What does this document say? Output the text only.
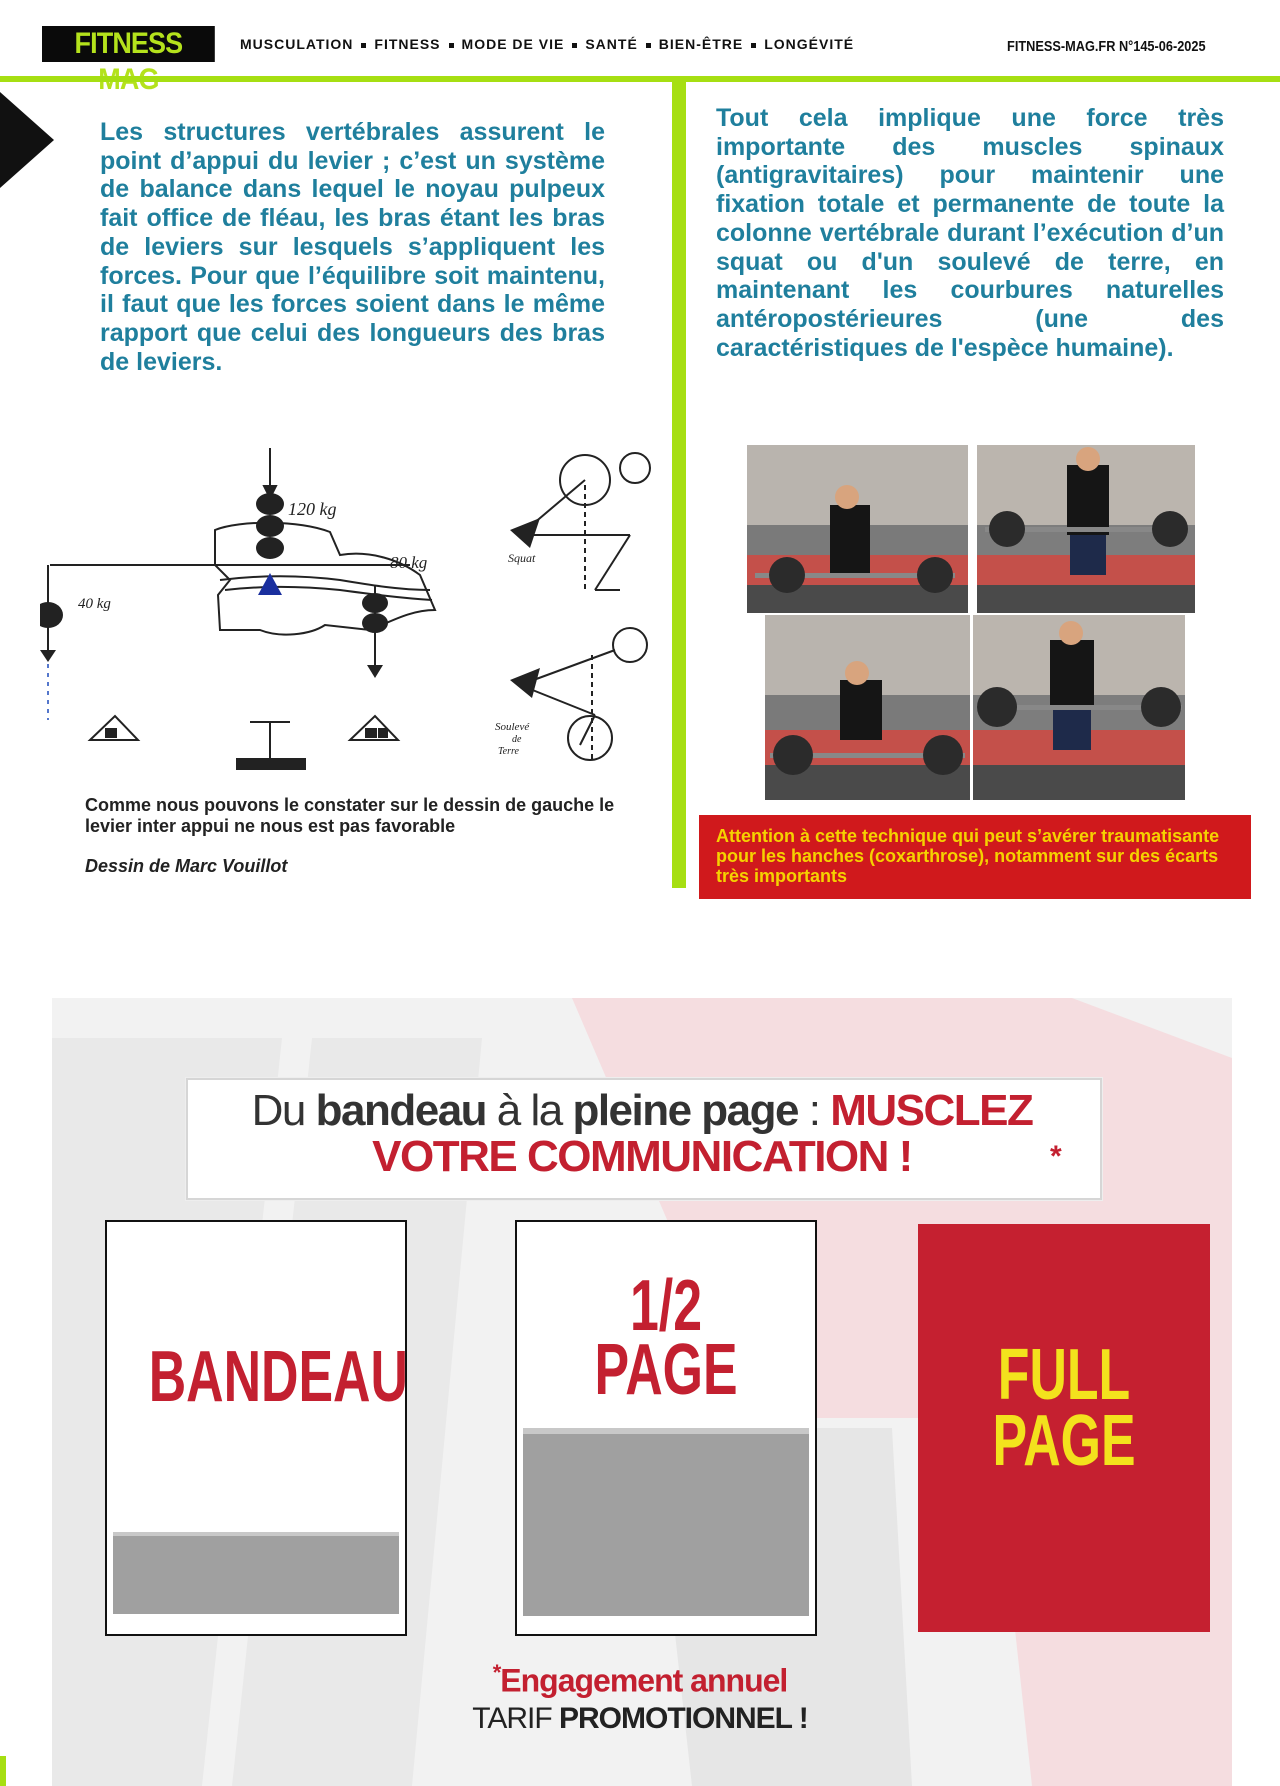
FITNESS	MUSCULATION FITNESS MODE DE VIE SANTÉ BIEN-ÊTRE LONGÉVITÉ	FITNESS-MAG.FR N°145-06-2025
Les structures vertébrales assurent le point d’appui du levier ; c’est un système de balance dans lequel le noyau pulpeux fait office de fléau, les bras étant les bras de leviers sur lesquels s’appliquent les forces. Pour que l’équilibre soit maintenu, il faut que les forces soient dans le même rapport que celui des longueurs des bras de leviers.
120 kg
80 kg
40 kg
Squat
Soulevé
de
Terre
Comme nous pouvons le constater sur le dessin de gauche le levier inter appui ne nous est pas favorable
Dessin de Marc Vouillot
Tout cela implique une force très importante des muscles spinaux (antigravitaires) pour maintenir une fixation totale et permanente de toute la colonne vertébrale durant l’exécution d’un squat ou d'un soulevé de terre, en maintenant les courbures naturelles antéropostérieures (une des caractéristiques de l'espèce humaine).
Attention à cette technique qui peut s’avérer traumatisante pour les hanches (coxarthrose), notamment sur des écarts très importants
Du bandeau à la pleine page : MUSCLEZ
VOTRE COMMUNICATION !	*
BANDEAU
1/2
PAGE	FULL
PAGE
*Engagement annuel
TARIF PROMOTIONNEL !
